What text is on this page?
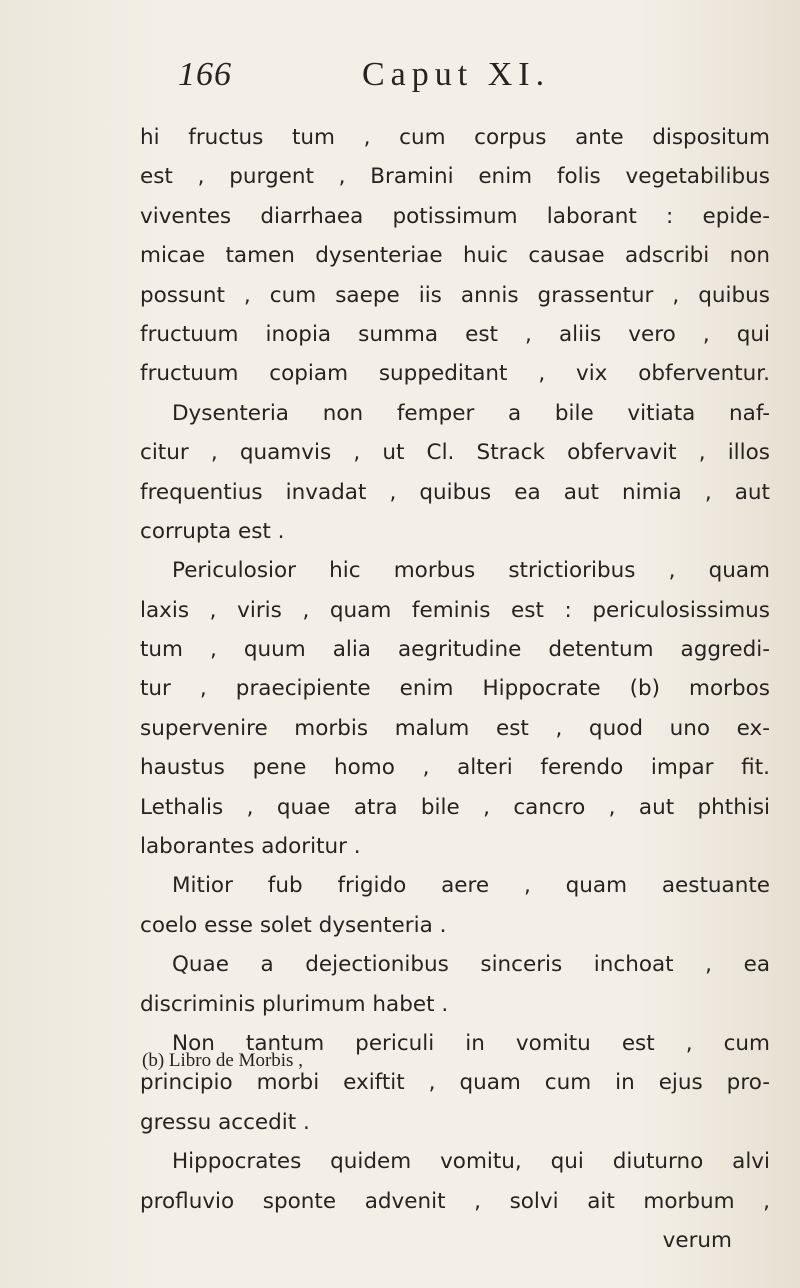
166	Caput XI.
hi fructus tum , cum corpus ante dispositum
est , purgent , Bramini enim folis vegetabilibus
viventes diarrhaea potissimum laborant : epide-
micae tamen dysenteriae huic causae adscribi non
possunt , cum saepe iis annis grassentur , quibus
fructuum inopia summa est , aliis vero , qui
fructuum copiam suppeditant , vix obferventur.
Dysenteria non femper a bile vitiata naf-
citur , quamvis , ut Cl. Strack obfervavit , illos
frequentius invadat , quibus ea aut nimia , aut
corrupta est .
Periculosior hic morbus strictioribus , quam
laxis , viris , quam feminis est : periculosissimus
tum , quum alia aegritudine detentum aggredi-
tur , praecipiente enim Hippocrate (b) morbos
supervenire morbis malum est , quod uno ex-
haustus pene homo , alteri ferendo impar fit.
Lethalis , quae atra bile , cancro , aut phthisi
laborantes adoritur .
Mitior fub frigido aere , quam aestuante
coelo esse solet dysenteria .
Quae a dejectionibus sinceris inchoat , ea
discriminis plurimum habet .
Non tantum periculi in vomitu est , cum
principio morbi exiftit , quam cum in ejus pro-
gressu accedit .
Hippocrates quidem vomitu, qui diuturno alvi
profluvio sponte advenit , solvi ait morbum ,
verum
(b) Libro de Morbis ,
